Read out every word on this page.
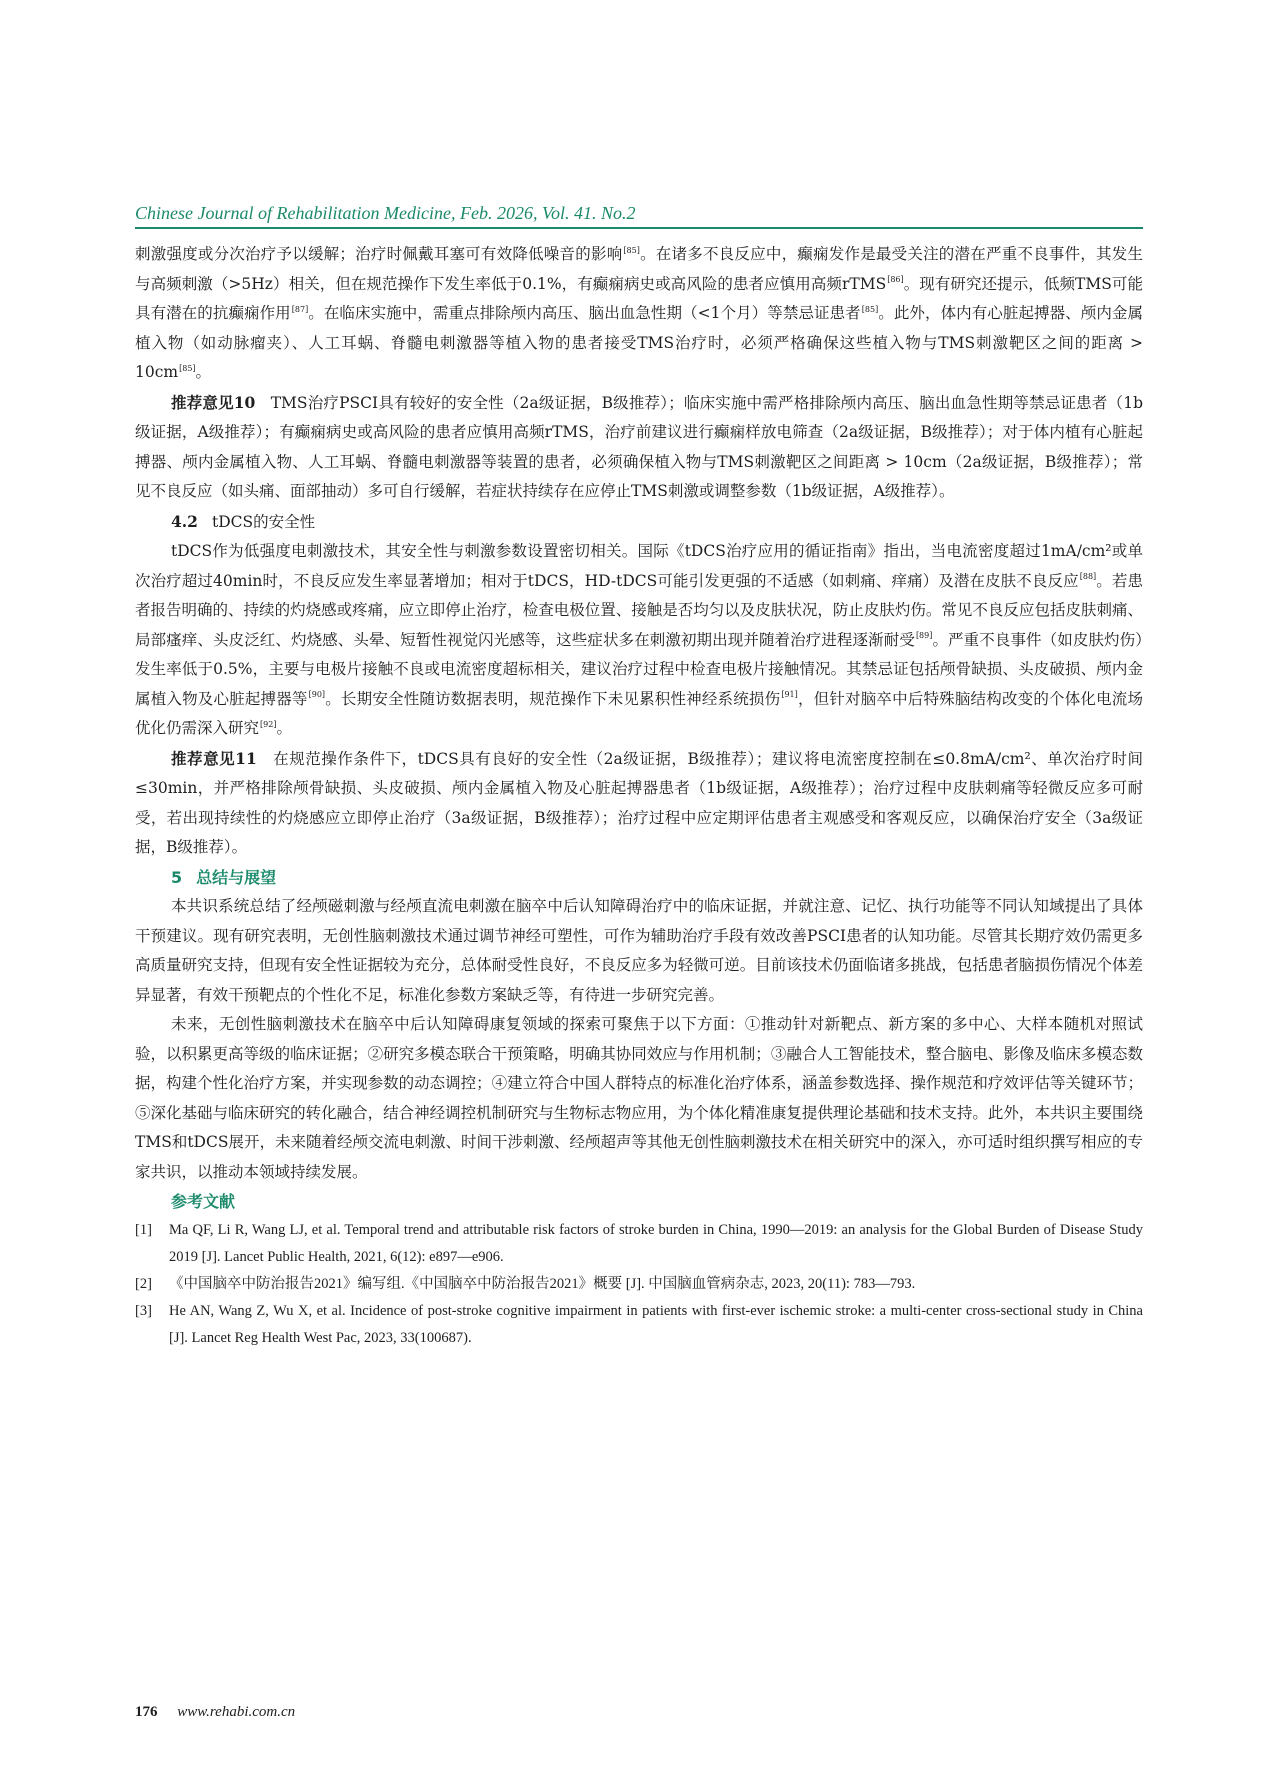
Chinese Journal of Rehabilitation Medicine, Feb. 2026, Vol. 41. No.2

刺激强度或分次治疗予以缓解；治疗时佩戴耳塞可有效降低噪音的影响[85]。在诸多不良反应中，癫痫发作是最受关注的潜在严重不良事件，其发生与高频刺激（>5Hz）相关，但在规范操作下发生率低于0.1%，有癫痫病史或高风险的患者应慎用高频rTMS[86]。现有研究还提示，低频TMS可能具有潜在的抗癫痫作用[87]。在临床实施中，需重点排除颅内高压、脑出血急性期（<1个月）等禁忌证患者[85]。此外，体内有心脏起搏器、颅内金属植入物（如动脉瘤夹）、人工耳蜗、脊髓电刺激器等植入物的患者接受TMS治疗时，必须严格确保这些植入物与TMS刺激靶区之间的距离 > 10cm[85]。

推荐意见10 TMS治疗PSCI具有较好的安全性（2a级证据，B级推荐）；临床实施中需严格排除颅内高压、脑出血急性期等禁忌证患者（1b级证据，A级推荐）；有癫痫病史或高风险的患者应慎用高频rTMS，治疗前建议进行癫痫样放电筛查（2a级证据，B级推荐）；对于体内植有心脏起搏器、颅内金属植入物、人工耳蜗、脊髓电刺激器等装置的患者，必须确保植入物与TMS刺激靶区之间距离 > 10cm（2a级证据，B级推荐）；常见不良反应（如头痛、面部抽动）多可自行缓解，若症状持续存在应停止TMS刺激或调整参数（1b级证据，A级推荐）。

4.2 tDCS的安全性

tDCS作为低强度电刺激技术，其安全性与刺激参数设置密切相关。国际《tDCS治疗应用的循证指南》指出，当电流密度超过1mA/cm²或单次治疗超过40min时，不良反应发生率显著增加；相对于tDCS，HD-tDCS可能引发更强的不适感（如刺痛、痒痛）及潜在皮肤不良反应[88]。若患者报告明确的、持续的灼烧感或疼痛，应立即停止治疗，检查电极位置、接触是否均匀以及皮肤状况，防止皮肤灼伤。常见不良反应包括皮肤刺痛、局部瘙痒、头皮泛红、灼烧感、头晕、短暂性视觉闪光感等，这些症状多在刺激初期出现并随着治疗进程逐渐耐受[89]。严重不良事件（如皮肤灼伤）发生率低于0.5%，主要与电极片接触不良或电流密度超标相关，建议治疗过程中检查电极片接触情况。其禁忌证包括颅骨缺损、头皮破损、颅内金属植入物及心脏起搏器等[90]。长期安全性随访数据表明，规范操作下未见累积性神经系统损伤[91]，但针对脑卒中后特殊脑结构改变的个体化电流场优化仍需深入研究[92]。

推荐意见11 在规范操作条件下，tDCS具有良好的安全性（2a级证据，B级推荐）；建议将电流密度控制在≤0.8mA/cm²、单次治疗时间≤30min，并严格排除颅骨缺损、头皮破损、颅内金属植入物及心脏起搏器患者（1b级证据，A级推荐）；治疗过程中皮肤刺痛等轻微反应多可耐受，若出现持续性的灼烧感应立即停止治疗（3a级证据，B级推荐）；治疗过程中应定期评估患者主观感受和客观反应，以确保治疗安全（3a级证据，B级推荐）。

5 总结与展望

本共识系统总结了经颅磁刺激与经颅直流电刺激在脑卒中后认知障碍治疗中的临床证据，并就注意、记忆、执行功能等不同认知域提出了具体干预建议。现有研究表明，无创性脑刺激技术通过调节神经可塑性，可作为辅助治疗手段有效改善PSCI患者的认知功能。尽管其长期疗效仍需更多高质量研究支持，但现有安全性证据较为充分，总体耐受性良好，不良反应多为轻微可逆。目前该技术仍面临诸多挑战，包括患者脑损伤情况个体差异显著，有效干预靶点的个性化不足，标准化参数方案缺乏等，有待进一步研究完善。

未来，无创性脑刺激技术在脑卒中后认知障碍康复领域的探索可聚焦于以下方面：①推动针对新靶点、新方案的多中心、大样本随机对照试验，以积累更高等级的临床证据；②研究多模态联合干预策略，明确其协同效应与作用机制；③融合人工智能技术，整合脑电、影像及临床多模态数据，构建个性化治疗方案，并实现参数的动态调控；④建立符合中国人群特点的标准化治疗体系，涵盖参数选择、操作规范和疗效评估等关键环节；⑤深化基础与临床研究的转化融合，结合神经调控机制研究与生物标志物应用，为个体化精准康复提供理论基础和技术支持。此外，本共识主要围绕TMS和tDCS展开，未来随着经颅交流电刺激、时间干涉刺激、经颅超声等其他无创性脑刺激技术在相关研究中的深入，亦可适时组织撰写相应的专家共识，以推动本领域持续发展。

参考文献

[1]	Ma QF, Li R, Wang LJ, et al. Temporal trend and attributable risk factors of stroke burden in China, 1990—2019: an analysis for the Global Burden of Disease Study 2019 [J]. Lancet Public Health, 2021, 6(12): e897—e906.
[2]	《中国脑卒中防治报告2021》编写组.《中国脑卒中防治报告2021》概要 [J]. 中国脑血管病杂志, 2023, 20(11): 783—793.
[3]	He AN, Wang Z, Wu X, et al. Incidence of post-stroke cognitive impairment in patients with first-ever ischemic stroke: a multi-center cross-sectional study in China [J]. Lancet Reg Health West Pac, 2023, 33(100687).
176 www.rehabi.com.cn
